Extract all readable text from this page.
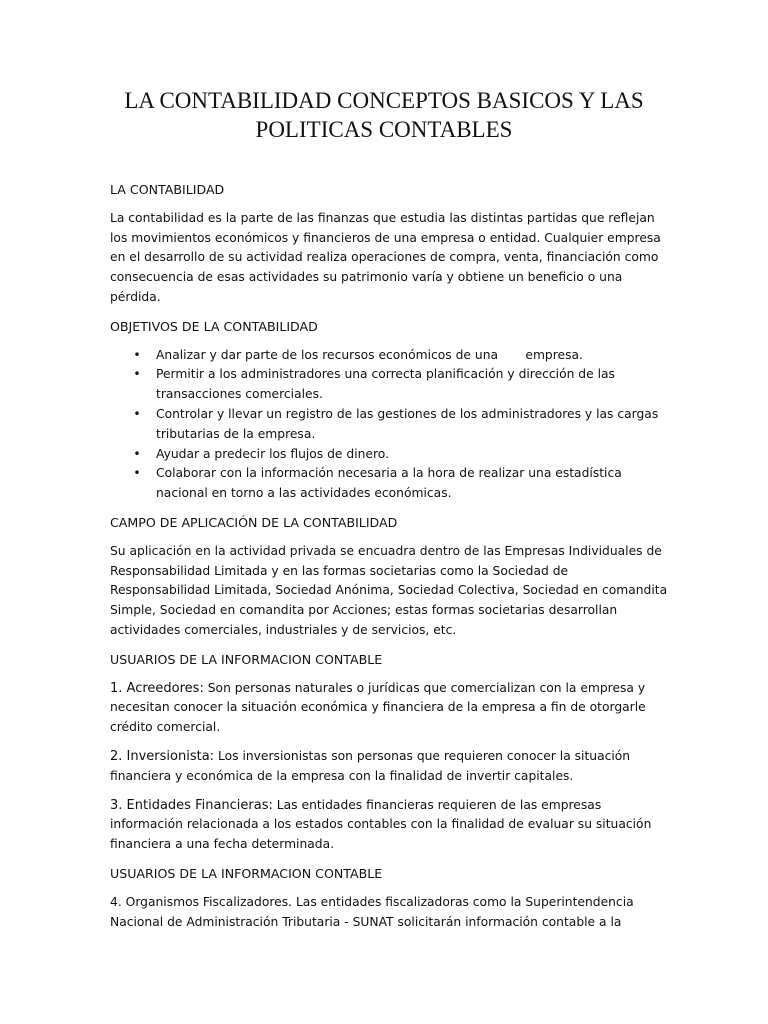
LA CONTABILIDAD CONCEPTOS BASICOS Y LAS
POLITICAS CONTABLES
LA CONTABILIDAD

La contabilidad es la parte de las finanzas que estudia las distintas partidas que reflejan los movimientos económicos y financieros de una empresa o entidad. Cualquier empresa en el desarrollo de su actividad realiza operaciones de compra, venta, financiación como consecuencia de esas actividades su patrimonio varía y obtiene un beneficio o una pérdida.

OBJETIVOS DE LA CONTABILIDAD
• Analizar y dar parte de los recursos económicos de una       empresa.
• Permitir a los administradores una correcta planificación y dirección de las transacciones comerciales.
• Controlar y llevar un registro de las gestiones de los administradores y las cargas tributarias de la empresa.
• Ayudar a predecir los flujos de dinero.
• Colaborar con la información necesaria a la hora de realizar una estadística nacional en torno a las actividades económicas.
CAMPO DE APLICACIÓN DE LA CONTABILIDAD

Su aplicación en la actividad privada se encuadra dentro de las Empresas Individuales de Responsabilidad Limitada y en las formas societarias como la Sociedad de Responsabilidad Limitada, Sociedad Anónima, Sociedad Colectiva, Sociedad en comandita Simple, Sociedad en comandita por Acciones; estas formas societarias desarrollan actividades comerciales, industriales y de servicios, etc.

USUARIOS DE LA INFORMACION CONTABLE

1. Acreedores: Son personas naturales o jurídicas que comercializan con la empresa y necesitan conocer la situación económica y financiera de la empresa a fin de otorgarle crédito comercial.

2. Inversionista: Los inversionistas son personas que requieren conocer la situación financiera y económica de la empresa con la finalidad de invertir capitales.

3. Entidades Financieras: Las entidades financieras requieren de las empresas información relacionada a los estados contables con la finalidad de evaluar su situación financiera a una fecha determinada.

USUARIOS DE LA INFORMACION CONTABLE

4. Organismos Fiscalizadores. Las entidades fiscalizadoras como la Superintendencia Nacional de Administración Tributaria - SUNAT solicitarán información contable a la
